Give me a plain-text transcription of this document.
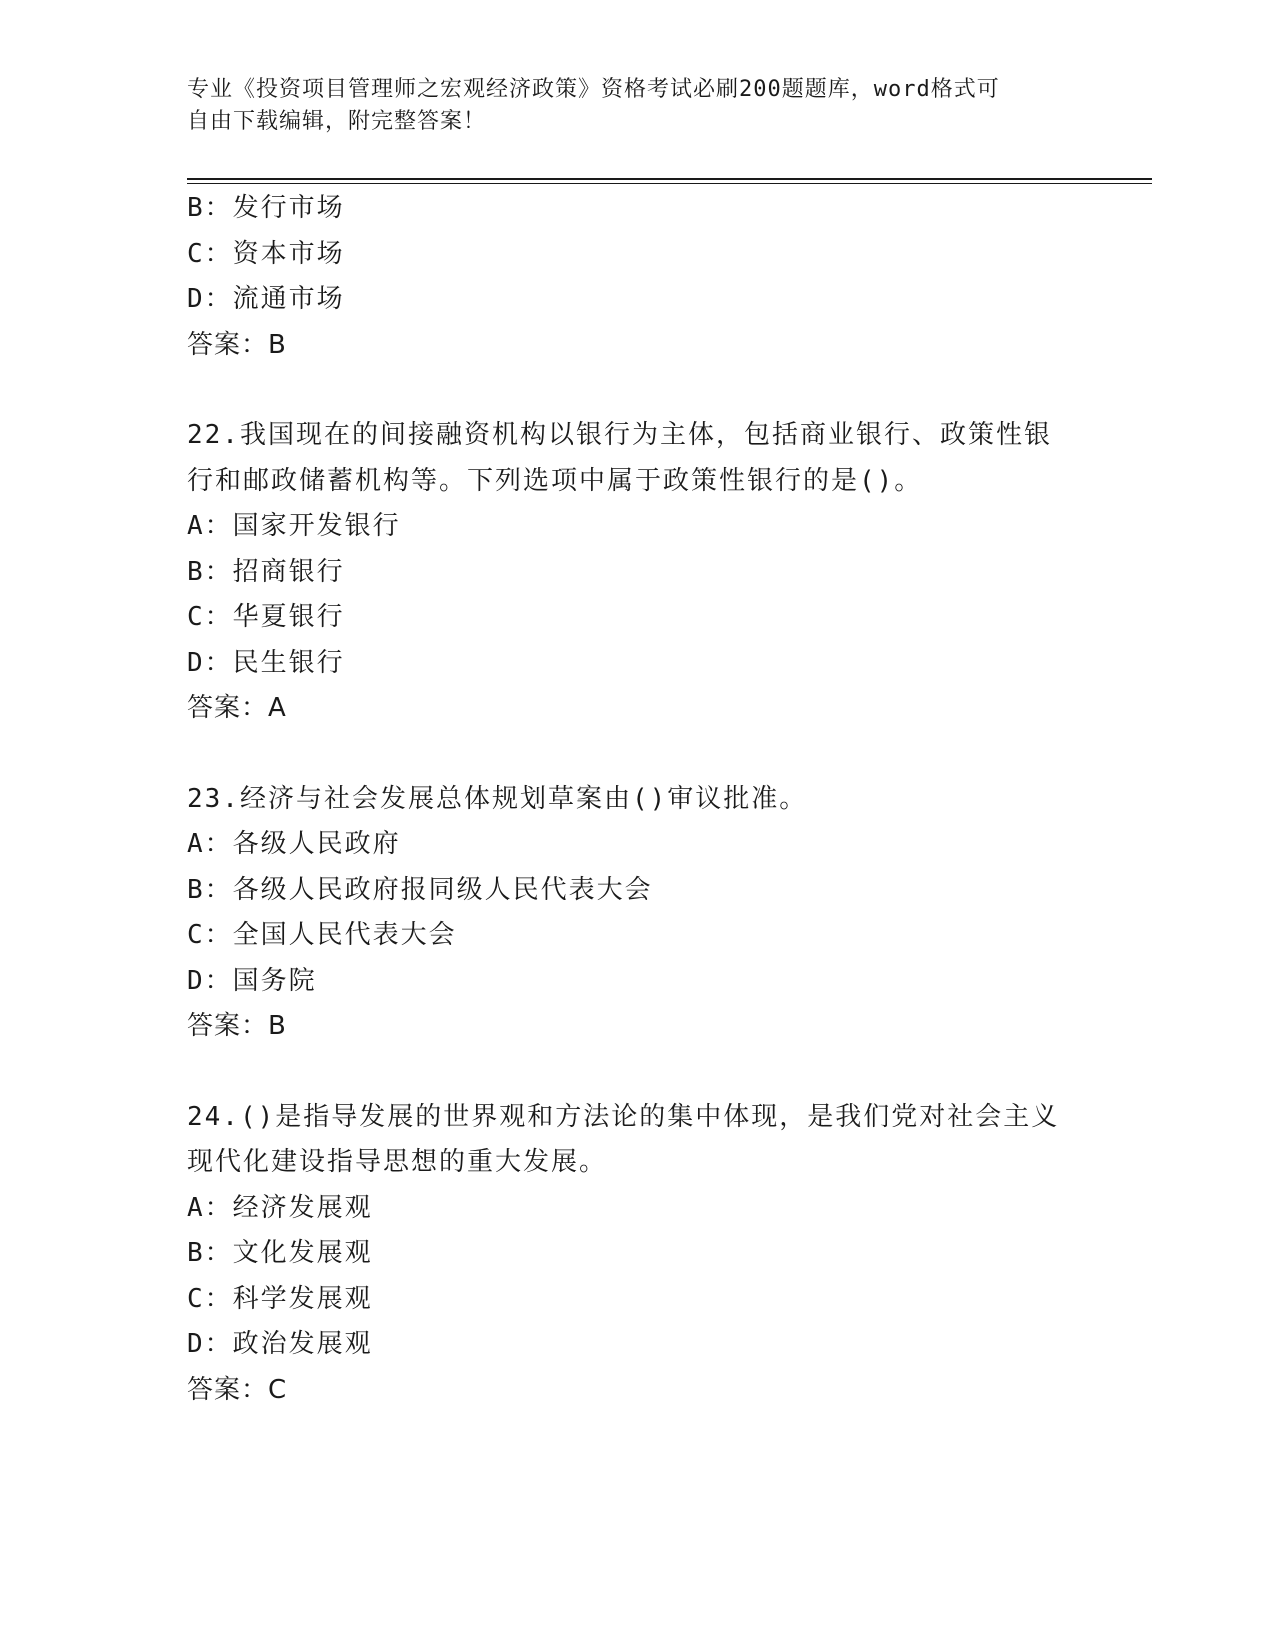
专业《投资项目管理师之宏观经济政策》资格考试必刷200题题库，word格式可
自由下载编辑，附完整答案！
B：发行市场
C：资本市场
D：流通市场
答案：B
22.我国现在的间接融资机构以银行为主体，包括商业银行、政策性银
行和邮政储蓄机构等。下列选项中属于政策性银行的是()。
A：国家开发银行
B：招商银行
C：华夏银行
D：民生银行
答案：A
23.经济与社会发展总体规划草案由()审议批准。
A：各级人民政府
B：各级人民政府报同级人民代表大会
C：全国人民代表大会
D：国务院
答案：B
24.()是指导发展的世界观和方法论的集中体现，是我们党对社会主义
现代化建设指导思想的重大发展。
A：经济发展观
B：文化发展观
C：科学发展观
D：政治发展观
答案：C
